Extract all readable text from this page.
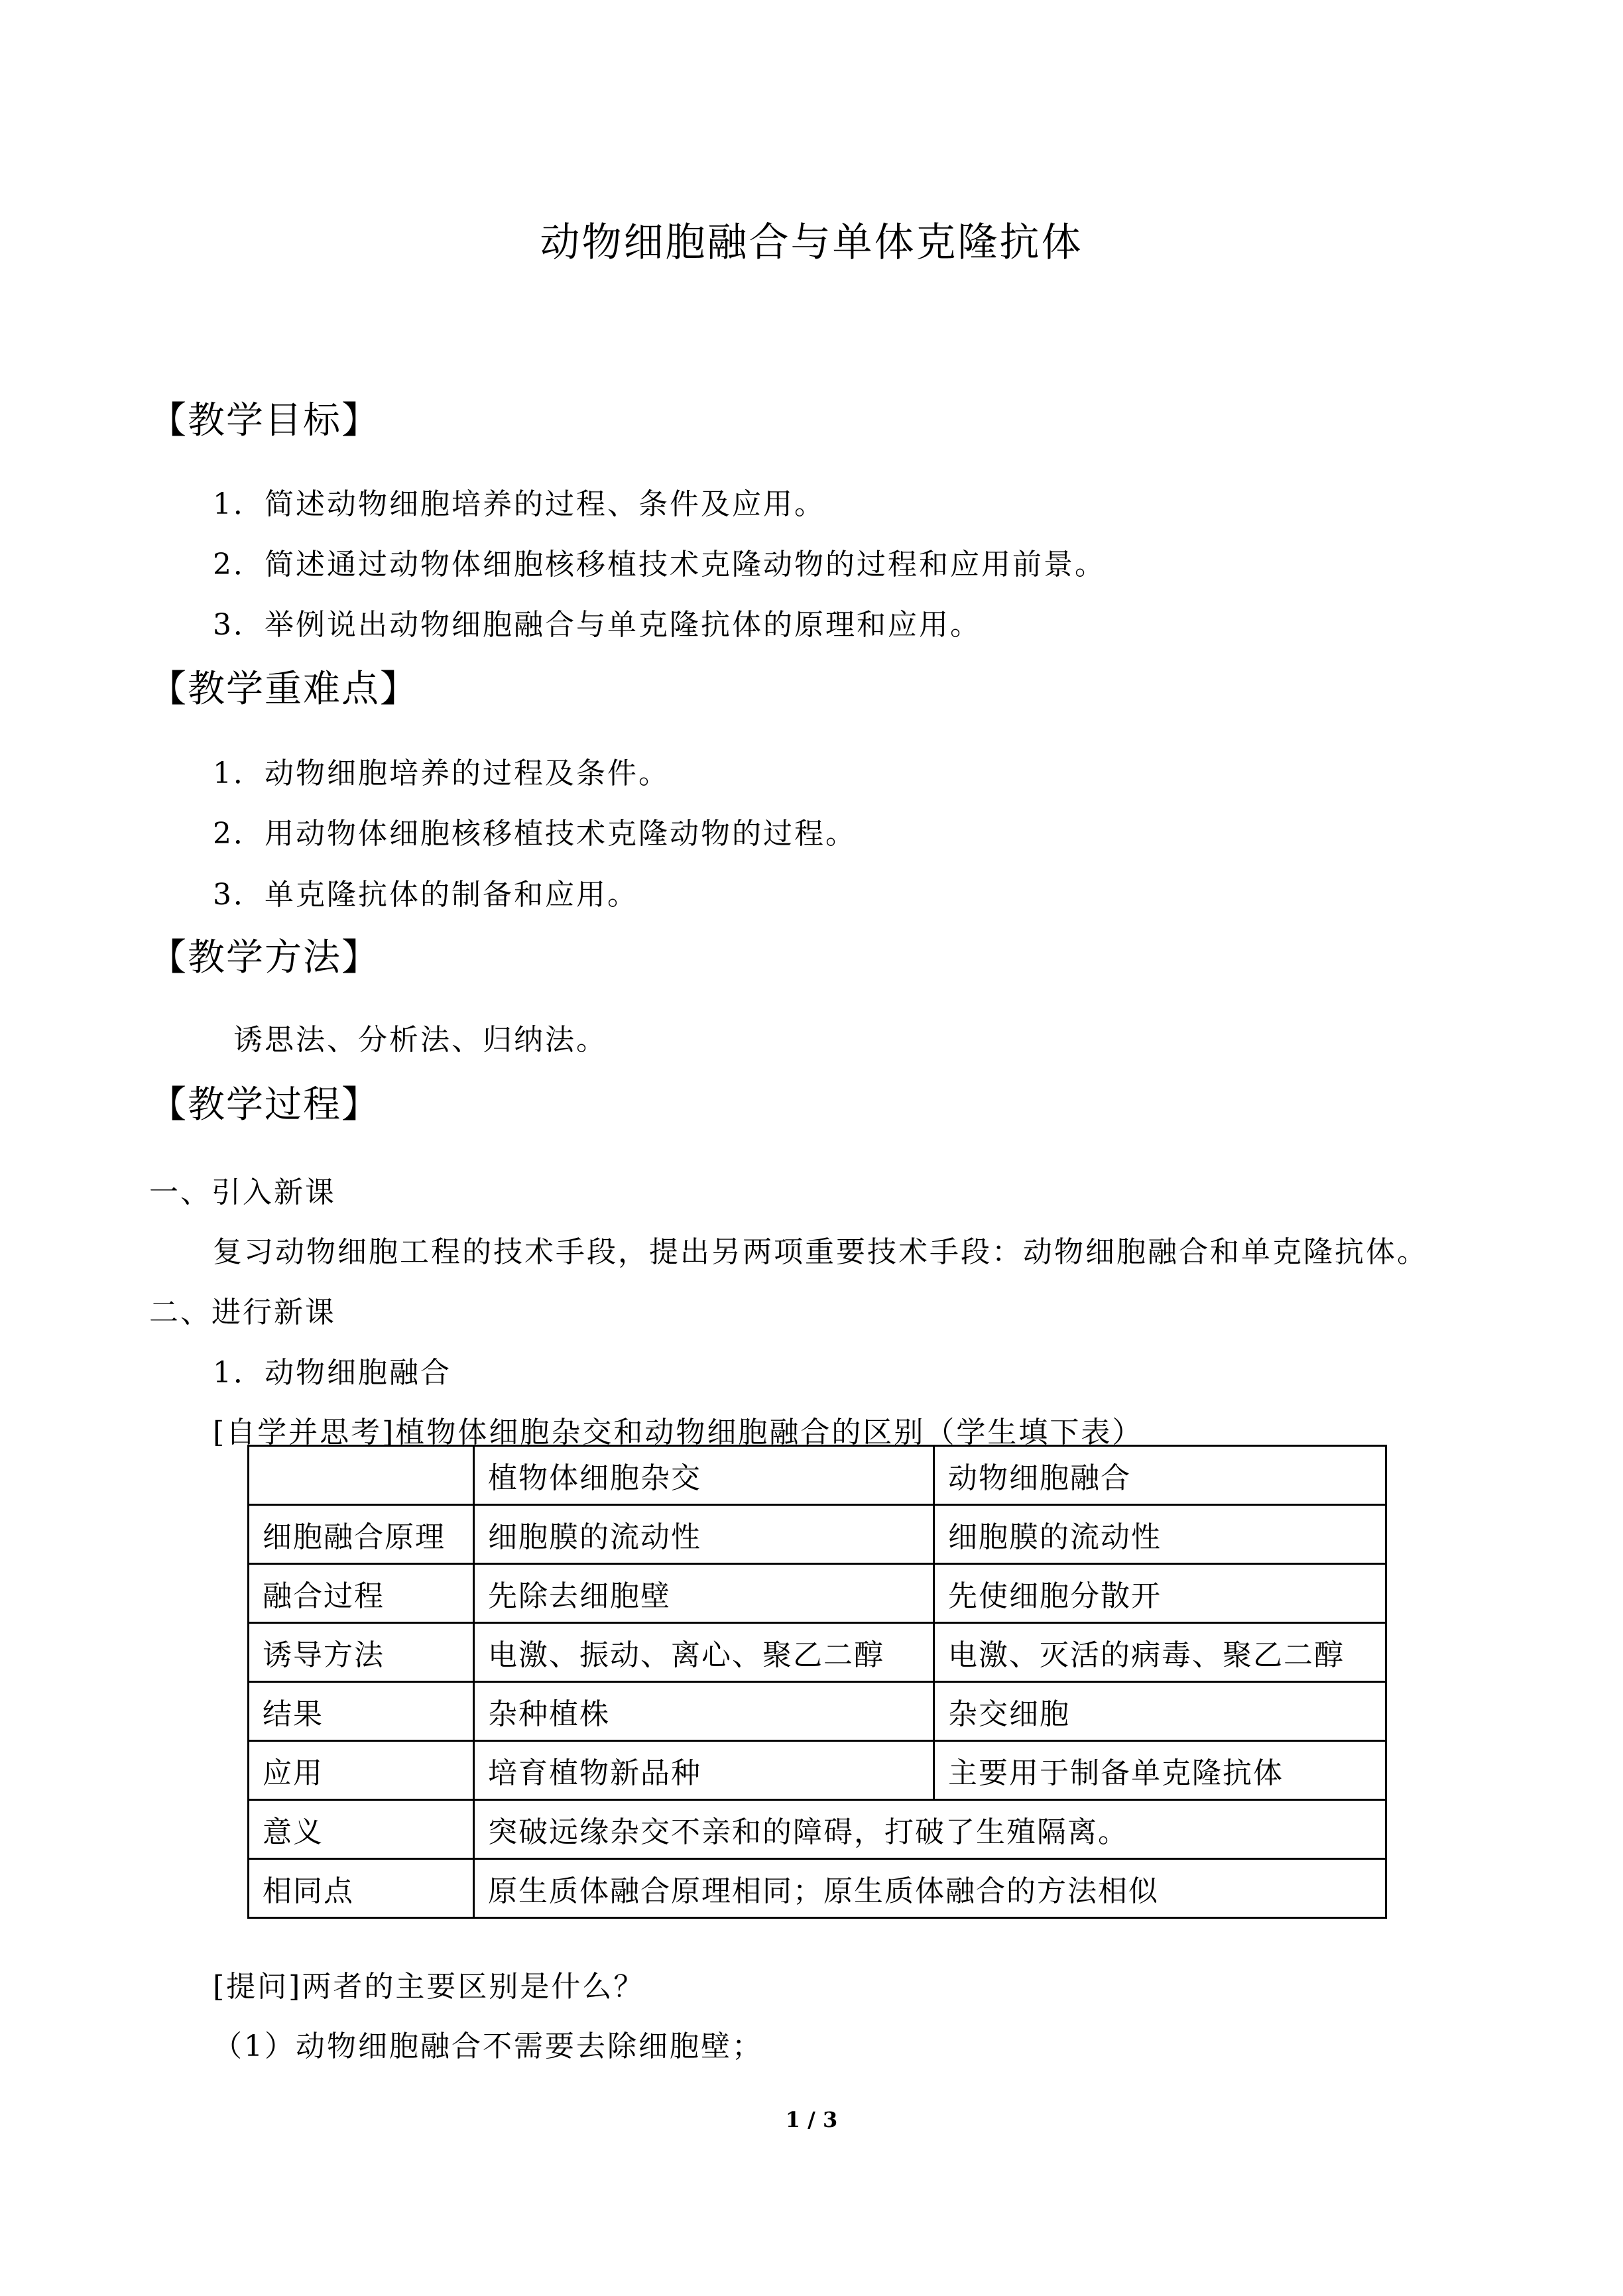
动物细胞融合与单体克隆抗体
【教学目标】
1．简述动物细胞培养的过程、条件及应用。
2．简述通过动物体细胞核移植技术克隆动物的过程和应用前景。
3．举例说出动物细胞融合与单克隆抗体的原理和应用。
【教学重难点】
1．动物细胞培养的过程及条件。
2．用动物体细胞核移植技术克隆动物的过程。
3．单克隆抗体的制备和应用。
【教学方法】
诱思法、分析法、归纳法。
【教学过程】
一、引入新课
复习动物细胞工程的技术手段，提出另两项重要技术手段：动物细胞融合和单克隆抗体。
二、进行新课
1．动物细胞融合
[自学并思考]植物体细胞杂交和动物细胞融合的区别（学生填下表）
	植物体细胞杂交	动物细胞融合
细胞融合原理	细胞膜的流动性	细胞膜的流动性
融合过程	先除去细胞壁	先使细胞分散开
诱导方法	电激、振动、离心、聚乙二醇	电激、灭活的病毒、聚乙二醇
结果	杂种植株	杂交细胞
应用	培育植物新品种	主要用于制备单克隆抗体
意义	突破远缘杂交不亲和的障碍，打破了生殖隔离。	
相同点	原生质体融合原理相同；原生质体融合的方法相似	
[提问]两者的主要区别是什么？
（1）动物细胞融合不需要去除细胞壁；
1 / 3
